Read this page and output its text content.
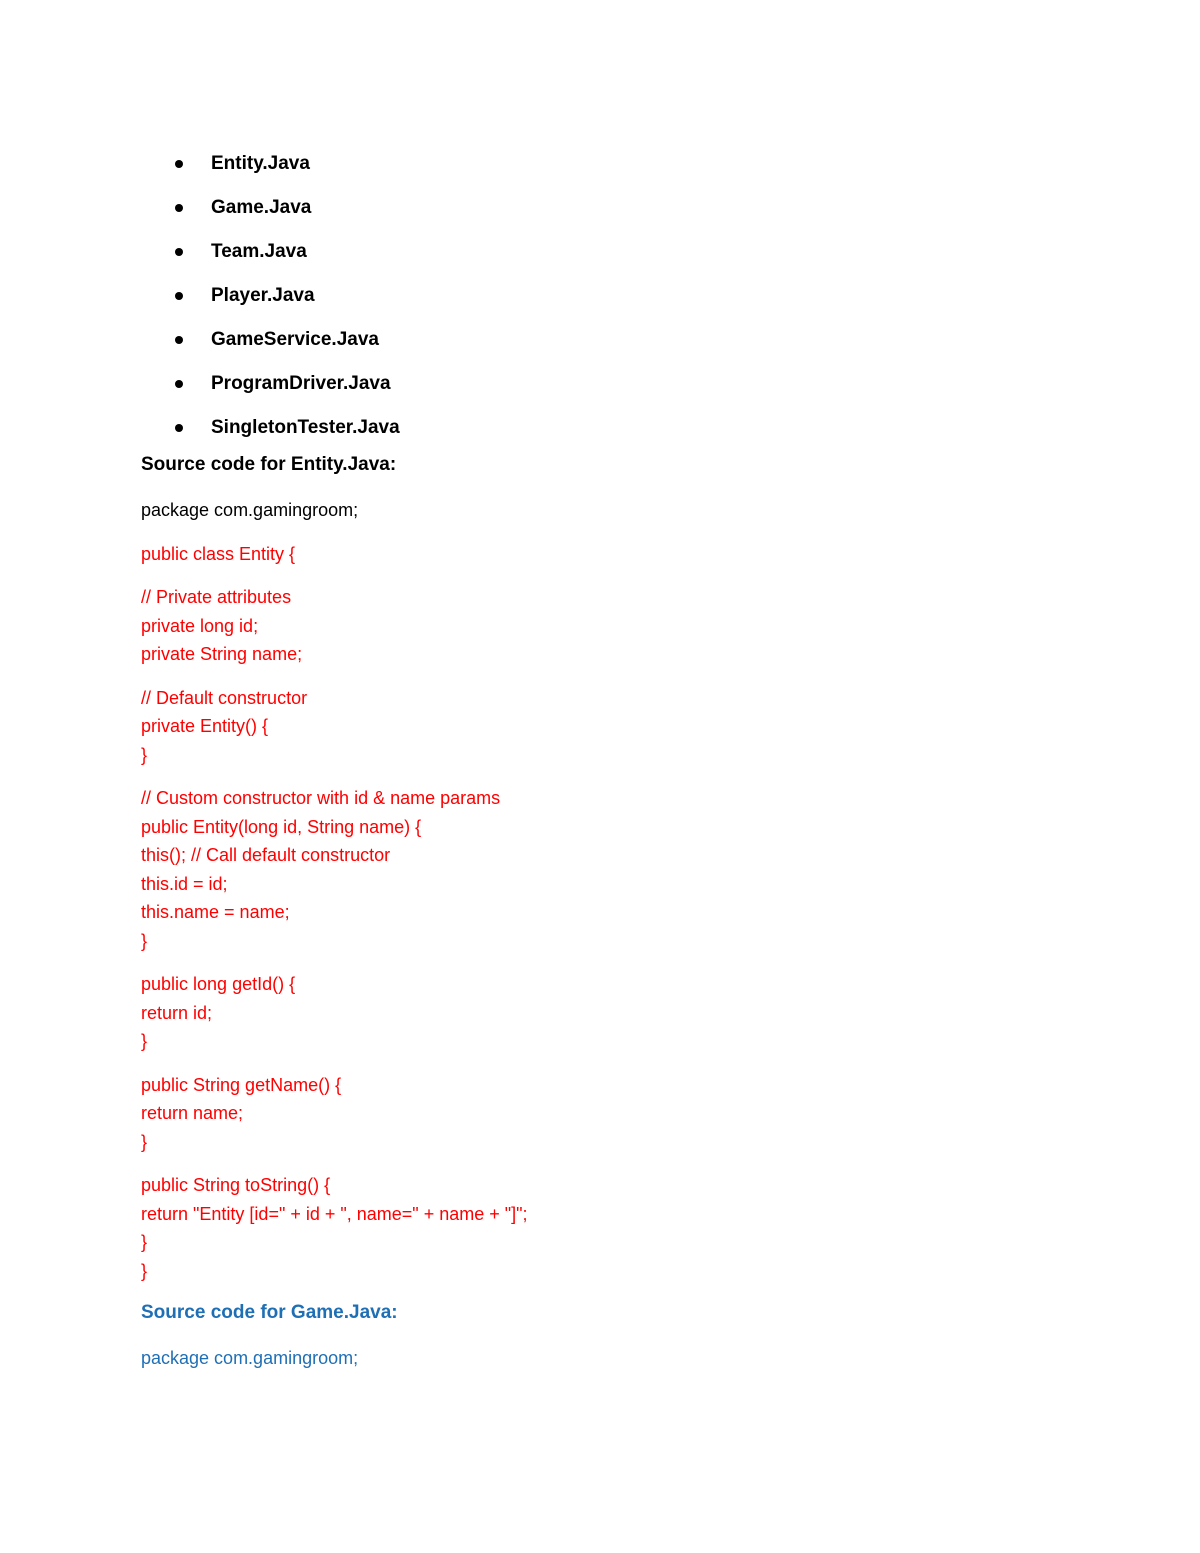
Entity.Java
Game.Java
Team.Java
Player.Java
GameService.Java
ProgramDriver.Java
SingletonTester.Java

Source code for Entity.Java:

package com.gamingroom;

public class Entity {

// Private attributes

private long id;

private String name;

// Default constructor

private Entity() {

}

// Custom constructor with id & name params

public Entity(long id, String name) {

this(); // Call default constructor

this.id = id;

this.name = name;

}

public long getId() {

return id;

}

public String getName() {

return name;

}

public String toString() {

return "Entity [id=" + id + ", name=" + name + "]";

}

}

Source code for Game.Java:

package com.gamingroom;
